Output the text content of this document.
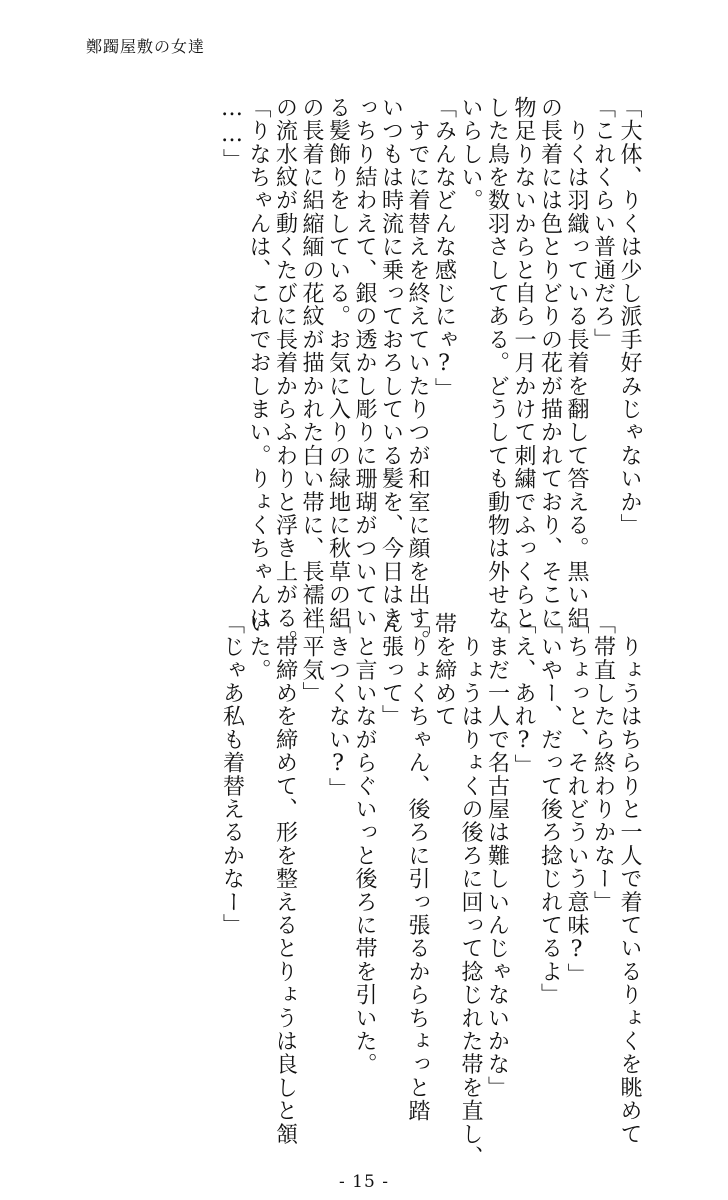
鄭躅屋敷の女達
「大体、りくは少し派手好みじゃないか」
「これくらい普通だろ」
　りくは羽織っている長着を翻して答える。黒い絽
の長着には色とりどりの花が描かれており、そこに
物足りないからと自ら一月かけて刺繍でふっくらと
した鳥を数羽さしてある。どうしても動物は外せな
いらしい。
「みんなどんな感じにゃ?」
　すでに着替えを終えていたりつが和室に顔を出す。
いつもは時流に乗っておろしている髪を、今日はき
っちり結わえて、銀の透かし彫りに珊瑚がついてい
る髪飾りをしている。お気に入りの緑地に秋草の絽
の長着に絽縮緬の花紋が描かれた白い帯に、長襦袢
の流水紋が動くたびに長着からふわりと浮き上がる。
「りなちゃんは、これでおしまい。りょくちゃんは
……」
　りょうはちらりと一人で着ているりょくを眺めて
「帯直したら終わりかなー」
「ちょっと、それどういう意味?」
「いやー、だって後ろ捻じれてるよ」
「え、あれ?」
「まだ一人で名古屋は難しいんじゃないかな」
　りょうはりょくの後ろに回って捻じれた帯を直し、
帯を締めて
「りょくちゃん、後ろに引っ張るからちょっと踏
ん張って」
　と言いながらぐいっと後ろに帯を引いた。
「きつくない?」
「平気」
　帯締めを締めて、形を整えるとりょうは良しと頷
いた。
「じゃあ私も着替えるかなー」
- 15 -
